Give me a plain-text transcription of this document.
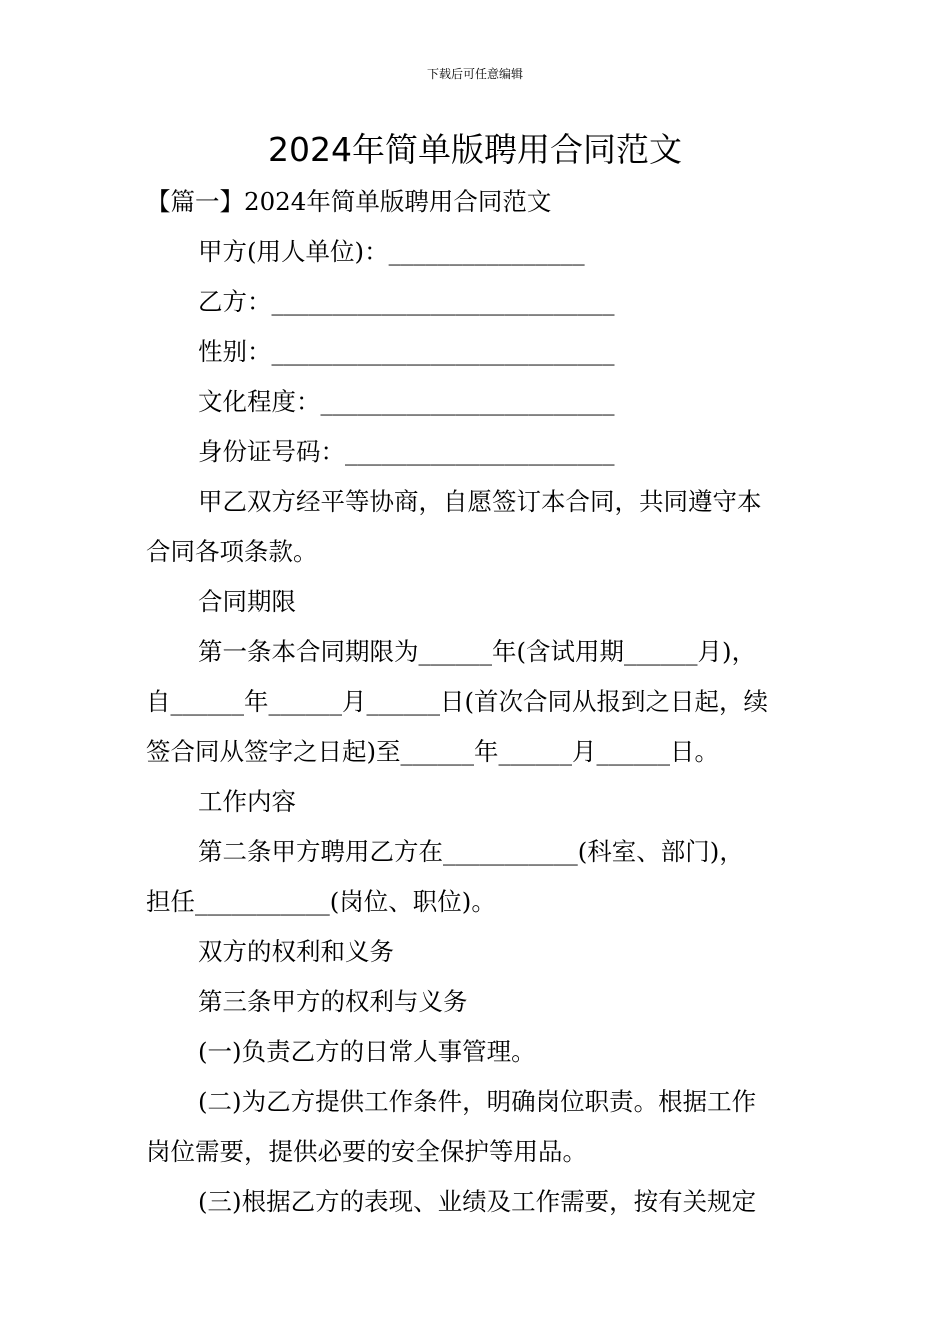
下载后可任意编辑
2024年简单版聘用合同范文
【篇一】2024年简单版聘用合同范文
甲方(用人单位)：________________
乙方：____________________________
性别：____________________________
文化程度：________________________
身份证号码：______________________
甲乙双方经平等协商，自愿签订本合同，共同遵守本
合同各项条款。
合同期限
第一条本合同期限为______年(含试用期______月)，
自______年______月______日(首次合同从报到之日起，续
签合同从签字之日起)至______年______月______日。
工作内容
第二条甲方聘用乙方在___________(科室、部门)，
担任___________(岗位、职位)。
双方的权利和义务
第三条甲方的权利与义务
(一)负责乙方的日常人事管理。
(二)为乙方提供工作条件，明确岗位职责。根据工作
岗位需要，提供必要的安全保护等用品。
(三)根据乙方的表现、业绩及工作需要，按有关规定
